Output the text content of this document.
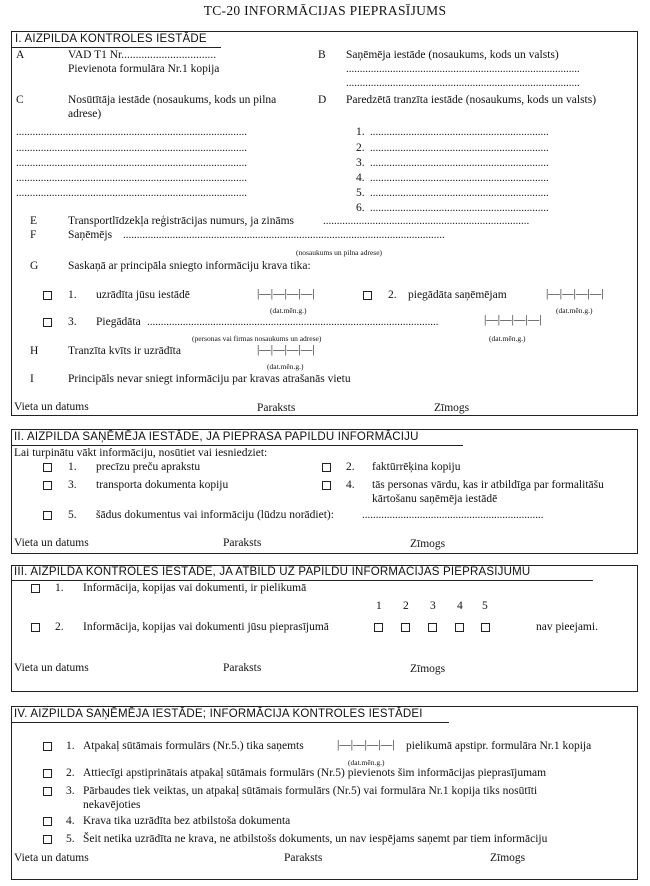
TC-20 INFORMĀCIJAS PIEPRASĪJUMS
I. AIZPILDA KONTROLES IESTĀDE
A	VAD T1 Nr.................................
Pievienota formulāra Nr.1 kopija
B Saņēmēja iestāde (nosaukums, kods un valsts)
.....................................................................................
.....................................................................................
C	Nosūtītāja iestāde (nosaukums, kods un pilna
adrese)
D Paredzētā tranzīta iestāde (nosaukums, kods un valsts)
....................................................................................
....................................................................................
....................................................................................
....................................................................................
....................................................................................
1. .................................................................
2. .................................................................
3. .................................................................
4. .................................................................
5. .................................................................
6. .................................................................
E	Transportlīdzekļa reģistrācijas numurs, ja zināms	...........................................................................
F	Saņēmējs .....................................................................................................................
(nosaukums un pilna adrese)
G	Saskaņā ar principāla sniegto informāciju krava tika:
1. uzrādīta jūsu iestādē	|—|—|—|—|
(dat.mēn.g.)
2. piegādāta saņēmējam	|—|—|—|—|
(dat.mēn.g.)
3. Piegādāta ..........................................................................................................	|—|—|—|—|
(personas vai firmas nosaukums un adrese)	(dat.mēn.g.)
H	Tranzīta kvīts ir uzrādīta	|—|—|—|—|
(dat.mēn.g.)
I	Principāls nevar sniegt informāciju par kravas atrašanās vietu
Vieta un datums	Paraksts	Zīmogs
II. AIZPILDA SAŅĒMĒJA IESTĀDE, JA PIEPRASA PAPILDU INFORMĀCIJU
Lai turpinātu vākt informāciju, nosūtiet vai iesniedziet:
1. precīzu preču aprakstu	2. faktūrrēķina kopiju
3. transporta dokumenta kopiju	4. tās personas vārdu, kas ir atbildīga par formalitāšu
kārtošanu saņēmēja iestādē
5. šādus dokumentus vai informāciju (lūdzu norādiet):	..................................................................
Vieta un datums	Paraksts	Zīmogs
III. AIZPILDA KONTROLES IESTĀDE, JA ATBILD UZ PAPILDU INFORMĀCIJAS PIEPRASĪJUMU
1. Informācija, kopijas vai dokumenti, ir pielikumā
1 2 3 4 5
2. Informācija, kopijas vai dokumenti jūsu pieprasījumā	nav pieejami.
Vieta un datums	Paraksts	Zīmogs
IV. AIZPILDA SAŅĒMĒJA IESTĀDE; INFORMĀCIJA KONTROLES IESTĀDEI
1. Atpakaļ sūtāmais formulārs (Nr.5.) tika saņemts	|—|—|—|—| pielikumā apstipr. formulāra Nr.1 kopija
(dat.mēn.g.)
2. Attiecīgi apstiprinātais atpakaļ sūtāmais formulārs (Nr.5) pievienots šim informācijas pieprasījumam
3. Pārbaudes tiek veiktas, un atpakaļ sūtāmais formulārs (Nr.5) vai formulāra Nr.1 kopija tiks nosūtīti
nekavējoties
4. Krava tika uzrādīta bez atbilstoša dokumenta
5. Šeit netika uzrādīta ne krava, ne atbilstošs dokuments, un nav iespējams saņemt par tiem informāciju
Vieta un datums	Paraksts	Zīmogs
